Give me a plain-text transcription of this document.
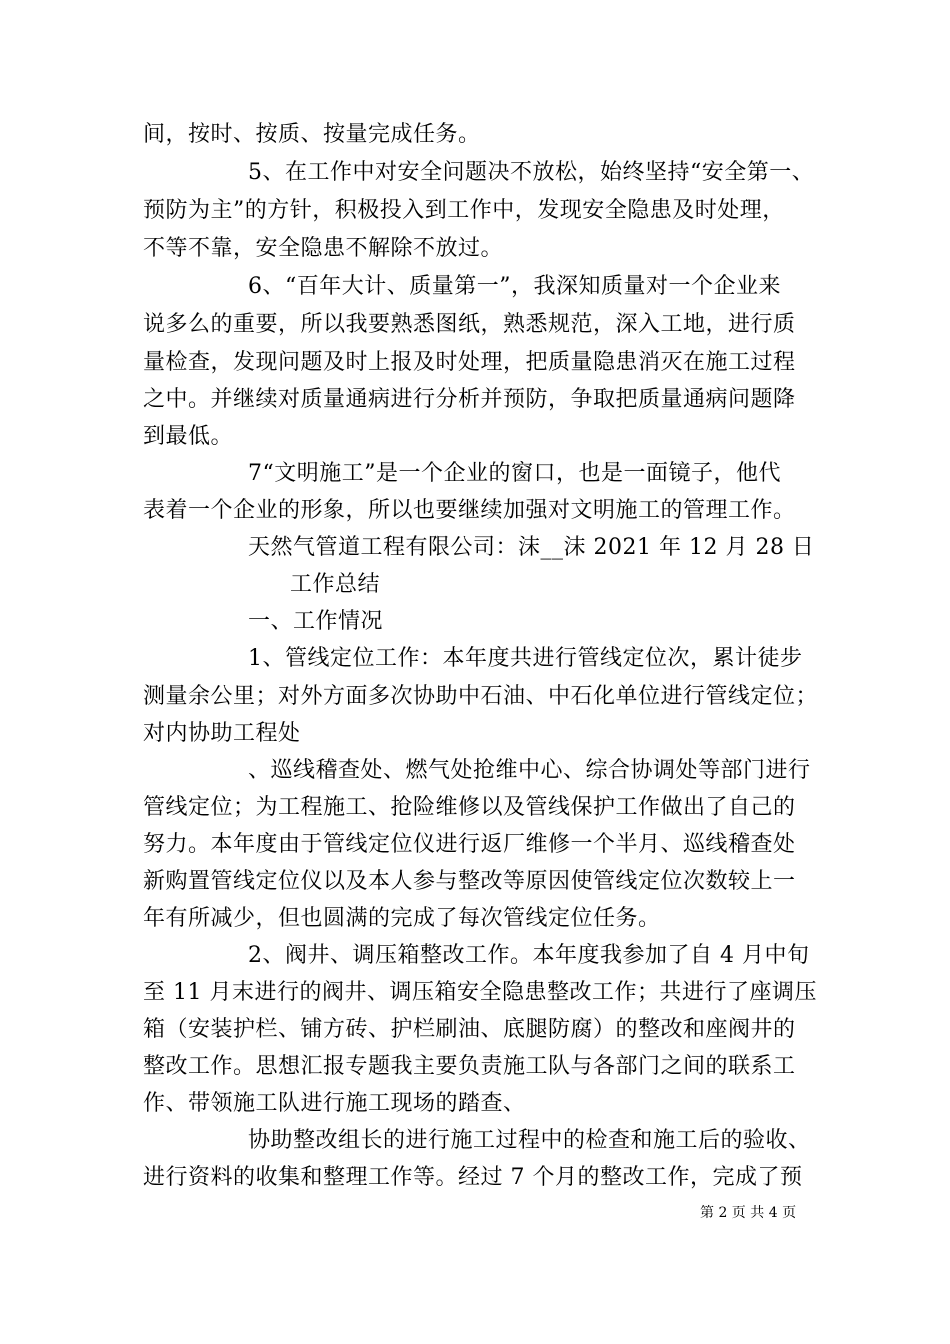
间，按时、按质、按量完成任务。
5、在工作中对安全问题决不放松，始终坚持“安全第一、
预防为主”的方针，积极投入到工作中，发现安全隐患及时处理，
不等不靠，安全隐患不解除不放过。
6、“百年大计、质量第一”，我深知质量对一个企业来
说多么的重要，所以我要熟悉图纸，熟悉规范，深入工地，进行质
量检查，发现问题及时上报及时处理，把质量隐患消灭在施工过程
之中。并继续对质量通病进行分析并预防，争取把质量通病问题降
到最低。
7“文明施工”是一个企业的窗口，也是一面镜子，他代
表着一个企业的形象，所以也要继续加强对文明施工的管理工作。
天然气管道工程有限公司：沫__沫 2021 年 12 月 28 日
工作总结
一、工作情况
1、管线定位工作：本年度共进行管线定位次，累计徒步
测量余公里；对外方面多次协助中石油、中石化单位进行管线定位；
对内协助工程处
、巡线稽查处、燃气处抢维中心、综合协调处等部门进行
管线定位；为工程施工、抢险维修以及管线保护工作做出了自己的
努力。本年度由于管线定位仪进行返厂维修一个半月、巡线稽查处
新购置管线定位仪以及本人参与整改等原因使管线定位次数较上一
年有所减少，但也圆满的完成了每次管线定位任务。
2、阀井、调压箱整改工作。本年度我参加了自 4 月中旬
至 11 月末进行的阀井、调压箱安全隐患整改工作；共进行了座调压
箱（安装护栏、铺方砖、护栏刷油、底腿防腐）的整改和座阀井的
整改工作。思想汇报专题我主要负责施工队与各部门之间的联系工
作、带领施工队进行施工现场的踏查、
协助整改组长的进行施工过程中的检查和施工后的验收、
进行资料的收集和整理工作等。经过 7 个月的整改工作，完成了预
第 2 页 共 4 页
